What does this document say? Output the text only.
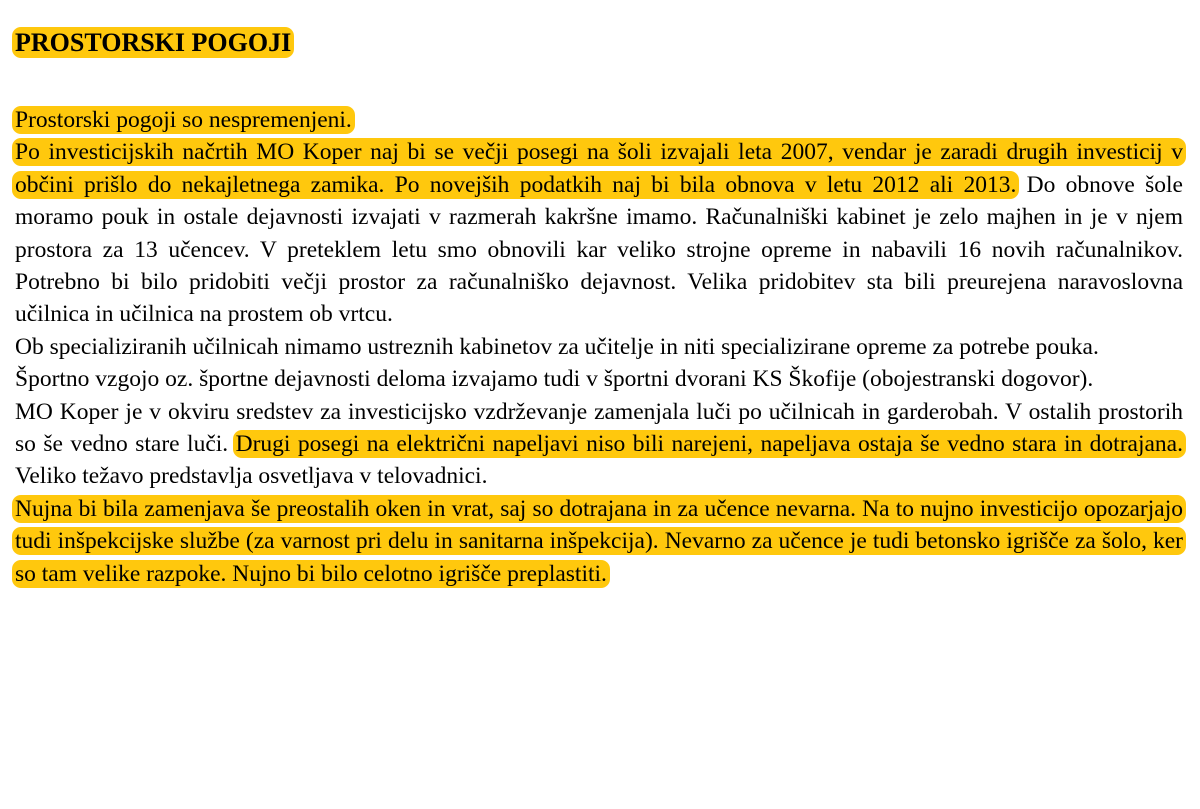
PROSTORSKI POGOJI

Prostorski pogoji so nespremenjeni.

Po investicijskih načrtih MO Koper naj bi se večji posegi na šoli izvajali leta 2007, vendar je zaradi drugih investicij v občini prišlo do nekajletnega zamika. Po novejših podatkih naj bi bila obnova v letu 2012 ali 2013. Do obnove šole moramo pouk in ostale dejavnosti izvajati v razmerah kakršne imamo. Računalniški kabinet je zelo majhen in je v njem prostora za 13 učencev. V preteklem letu smo obnovili kar veliko strojne opreme in nabavili 16 novih računalnikov. Potrebno bi bilo pridobiti večji prostor za računalniško dejavnost. Velika pridobitev sta bili preurejena naravoslovna učilnica in učilnica na prostem ob vrtcu.

Ob specializiranih učilnicah nimamo ustreznih kabinetov za učitelje in niti specializirane opreme za potrebe pouka.

Športno vzgojo oz. športne dejavnosti deloma izvajamo tudi v športni dvorani KS Škofije (obojestranski dogovor).

MO Koper je v okviru sredstev za investicijsko vzdrževanje zamenjala luči po učilnicah in garderobah. V ostalih prostorih so še vedno stare luči. Drugi posegi na električni napeljavi niso bili narejeni, napeljava ostaja še vedno stara in dotrajana. Veliko težavo predstavlja osvetljava v telovadnici.

Nujna bi bila zamenjava še preostalih oken in vrat, saj so dotrajana in za učence nevarna. Na to nujno investicijo opozarjajo tudi inšpekcijske službe (za varnost pri delu in sanitarna inšpekcija). Nevarno za učence je tudi betonsko igrišče za šolo, ker so tam velike razpoke. Nujno bi bilo celotno igrišče preplastiti.
